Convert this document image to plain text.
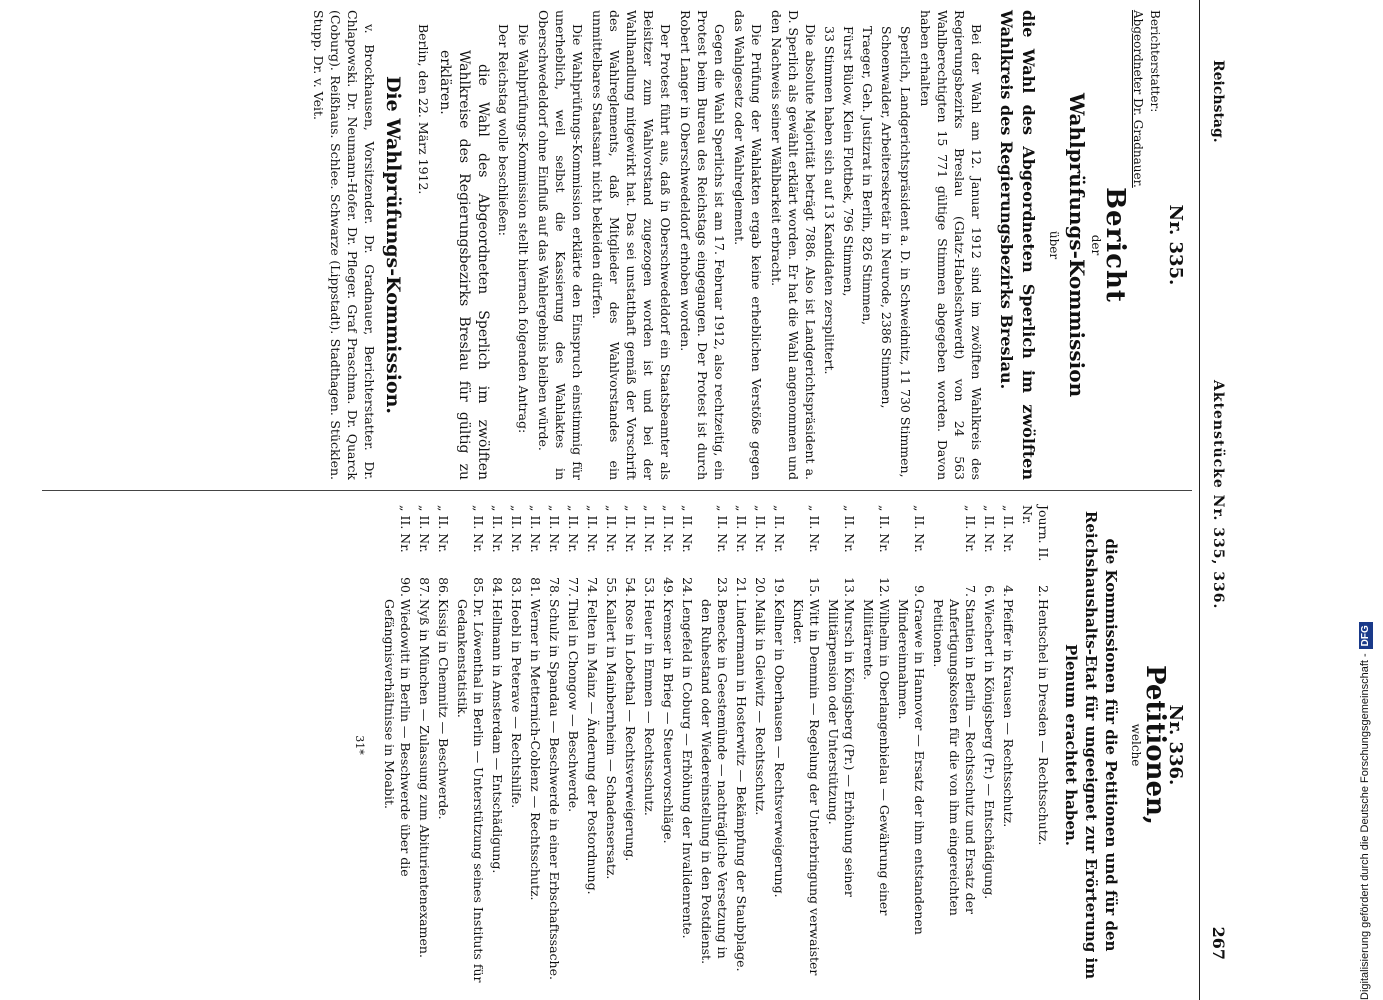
Reichstag.
Aktenstücke Nr. 335, 336.
267
Nr. 335.
Berichterstatter:
Abgeordneter Dr. Gradnauer.
Bericht
der
Wahlprüfungs-Kommission
über
die Wahl des Abgeordneten Sperlich im zwölften Wahlkreis des Regierungsbezirks Breslau.

Bei der Wahl am 12. Januar 1912 sind im zwölften Wahlkreis des Regierungsbezirks Breslau (Glatz-Habelschwerdt) von 24 563 Wahlberechtigten 15 771 gültige Stimmen abgegeben worden. Davon haben erhalten

Sperlich, Landgerichtspräsident a. D. in Schweidnitz, 11 730 Stimmen,

Schoenwalder, Arbeitersekretär in Neurode, 2386 Stimmen,

Traeger, Geh. Justizrat in Berlin, 826 Stimmen,

Fürst Bülow, Klein Flottbek, 796 Stimmen,

33 Stimmen haben sich auf 13 Kandidaten zersplittert.

Die absolute Majorität beträgt 7886. Also ist Landgerichtspräsident a. D. Sperlich als gewählt erklärt worden. Er hat die Wahl angenommen und den Nachweis seiner Wählbarkeit erbracht.

Die Prüfung der Wahlakten ergab keine erheblichen Verstöße gegen das Wahlgesetz oder Wahlreglement.

Gegen die Wahl Sperlichs ist am 17. Februar 1912, also rechtzeitig, ein Protest beim Bureau des Reichstags eingegangen. Der Protest ist durch Robert Langer in Oberschwedeldorf erhoben worden.

Der Protest führt aus, daß in Oberschwedeldorf ein Staatsbeamter als Beisitzer zum Wahlvorstand zugezogen worden ist und bei der Wahlhandlung mitgewirkt hat. Das sei unstatthaft gemäß der Vorschrift des Wahlreglements, daß Mitglieder des Wahlvorstandes ein unmittelbares Staatsamt nicht bekleiden dürfen.

Die Wahlprüfungs-Kommission erklärte den Einspruch einstimmig für unerheblich, weil selbst die Kassierung des Wahlaktes in Oberschwedeldorf ohne Einfluß auf das Wahlergebnis bleiben würde.

Die Wahlprüfungs-Kommission stellt hiernach folgenden Antrag:

Der Reichstag wolle beschließen:

die Wahl des Abgeordneten Sperlich im zwölften Wahlkreise des Regierungsbezirks Breslau für gültig zu erklären.

Berlin, den 22. März 1912.

Die Wahlprüfungs-Kommission.

v. Brockhausen, Vorsitzender. Dr. Gradnauer, Berichterstatter. Dr. Chlapowski. Dr. Neumann-Hofer. Dr. Pfleger. Graf Praschma. Dr. Quarck (Coburg). Reißhaus. Schlee. Schwarze (Lippstadt). Stadthagen. Stücklen. Stupp. Dr. v. Veit.

Nr. 336.
Petitionen,
welche
die Kommissionen für die Petitionen und für den Reichshaushalts-Etat für ungeeignet zur Erörterung im Plenum erachtet haben.
Journ. II. Nr.	2.	Hentschel in Dresden — Rechtsschutz.
„ II. Nr.	4.	Pfeiffer in Krausen — Rechtsschutz.
„ II. Nr.	6.	Wiechert in Königsberg (Pr.) — Entschädigung.
„ II. Nr.	7.	Stantien in Berlin — Rechtsschutz und Ersatz der Anfertigungskosten für die von ihm eingereichten Petitionen.
„ II. Nr.	9.	Graewe in Hannover — Ersatz der ihm entstandenen Mindereinnahmen.
„ II. Nr.	12.	Wilhelm in Oberlangenbielau — Gewährung einer Militärrente.
„ II. Nr.	13.	Mursch in Königsberg (Pr.) — Erhöhung seiner Militärpension oder Unterstützung.
„ II. Nr.	15.	Witt in Demmin — Regelung der Unterbringung verwaister Kinder.
„ II. Nr.	19.	Kellner in Oberhausen — Rechtsverweigerung.
„ II. Nr.	20.	Malik in Gleiwitz — Rechtsschutz.
„ II. Nr.	21.	Lindermann in Hosterwitz — Bekämpfung der Staubplage.
„ II. Nr.	23.	Benecke in Geestemünde — nachträgliche Versetzung in den Ruhestand oder Wiedereinstellung in den Postdienst.
„ II. Nr.	24.	Lengefeld in Coburg — Erhöhung der Invalidenrente.
„ II. Nr.	49.	Kremser in Brieg — Steuervorschläge.
„ II. Nr.	53.	Heuer in Emmen — Rechtsschutz.
„ II. Nr.	54.	Rose in Lobethal — Rechtsverweigerung.
„ II. Nr.	55.	Kallert in Mainbernheim — Schadensersatz.
„ II. Nr.	74.	Felten in Mainz — Änderung der Postordnung.
„ II. Nr.	77.	Thiel in Chongow — Beschwerde.
„ II. Nr.	78.	Schulz in Spandau — Beschwerde in einer Erbschaftssache.
„ II. Nr.	81.	Werner in Metternich-Coblenz — Rechtsschutz.
„ II. Nr.	83.	Hoebl in Peterave — Rechtshilfe.
„ II. Nr.	84.	Hellmann in Amsterdam — Entschädigung.
„ II. Nr.	85.	Dr. Löwenthal in Berlin — Unterstützung seines Instituts für Gedankenstatistik.
„ II. Nr.	86.	Kissig in Chemnitz — Beschwerde.
„ II. Nr.	87.	Nyß in München — Zulassung zum Abiturientenexamen.
„ II. Nr.	90.	Wiedowitt in Berlin — Beschwerde über die Gefängnisverhältnisse in Moabit.
31*	Digitalisierung gefördert durch die Deutsche Forschungsgemeinschaft -DFG
